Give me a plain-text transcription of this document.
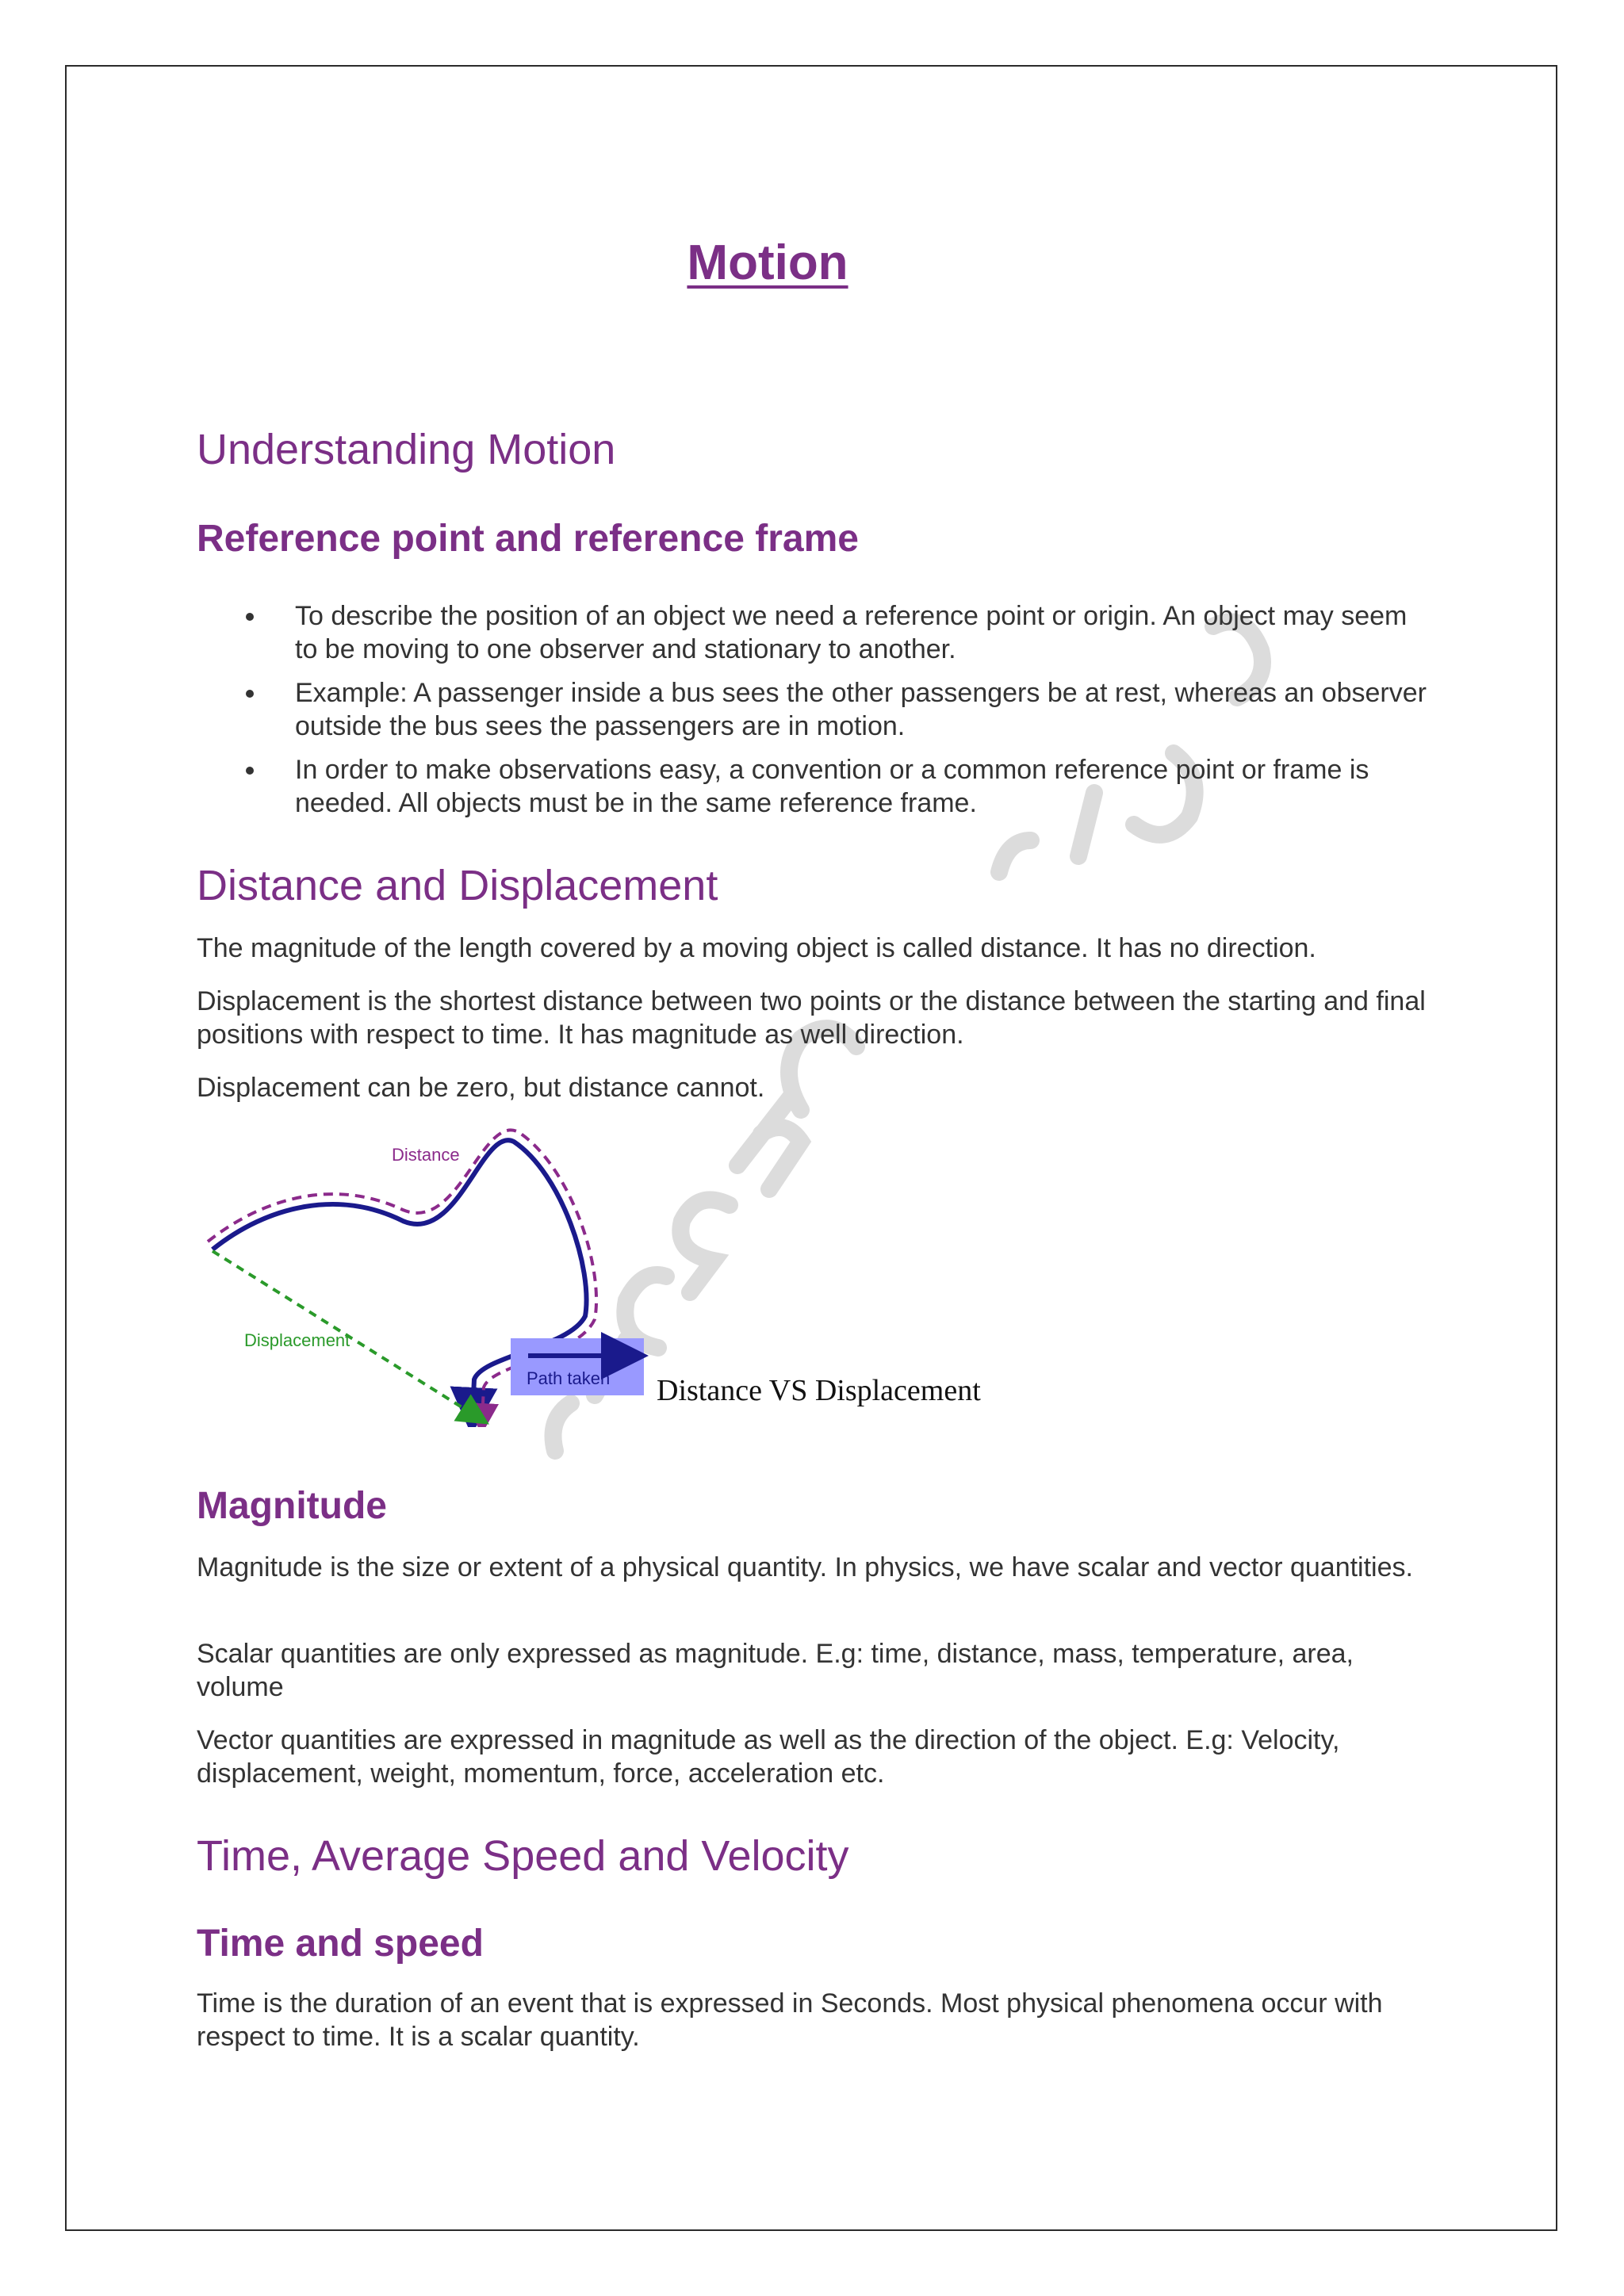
Motion
Understanding Motion
Reference point and reference frame
To describe the position of an object we need a reference point or origin. An object may seem to be moving to one observer and stationary to another.
Example: A passenger inside a bus sees the other passengers be at rest, whereas an observer outside the bus sees the passengers are in motion.
In order to make observations easy, a convention or a common reference point or frame is needed. All objects must be in the same reference frame.
Distance and Displacement
The magnitude of the length covered by a moving object is called distance. It has no direction.
Displacement is the shortest distance between two points or the distance between the starting and final positions with respect to time. It has magnitude as well direction.
Displacement can be zero, but distance cannot.
Distance
Displacement
Path taken Distance VS Displacement
Magnitude
Magnitude is the size or extent of a physical quantity. In physics, we have scalar and vector quantities.
Scalar quantities are only expressed as magnitude. E.g: time, distance, mass, temperature, area, volume
Vector quantities are expressed in magnitude as well as the direction of the object. E.g: Velocity, displacement, weight, momentum, force, acceleration etc.
Time, Average Speed and Velocity
Time and speed
Time is the duration of an event that is expressed in Seconds. Most physical phenomena occur with respect to time. It is a scalar quantity.
